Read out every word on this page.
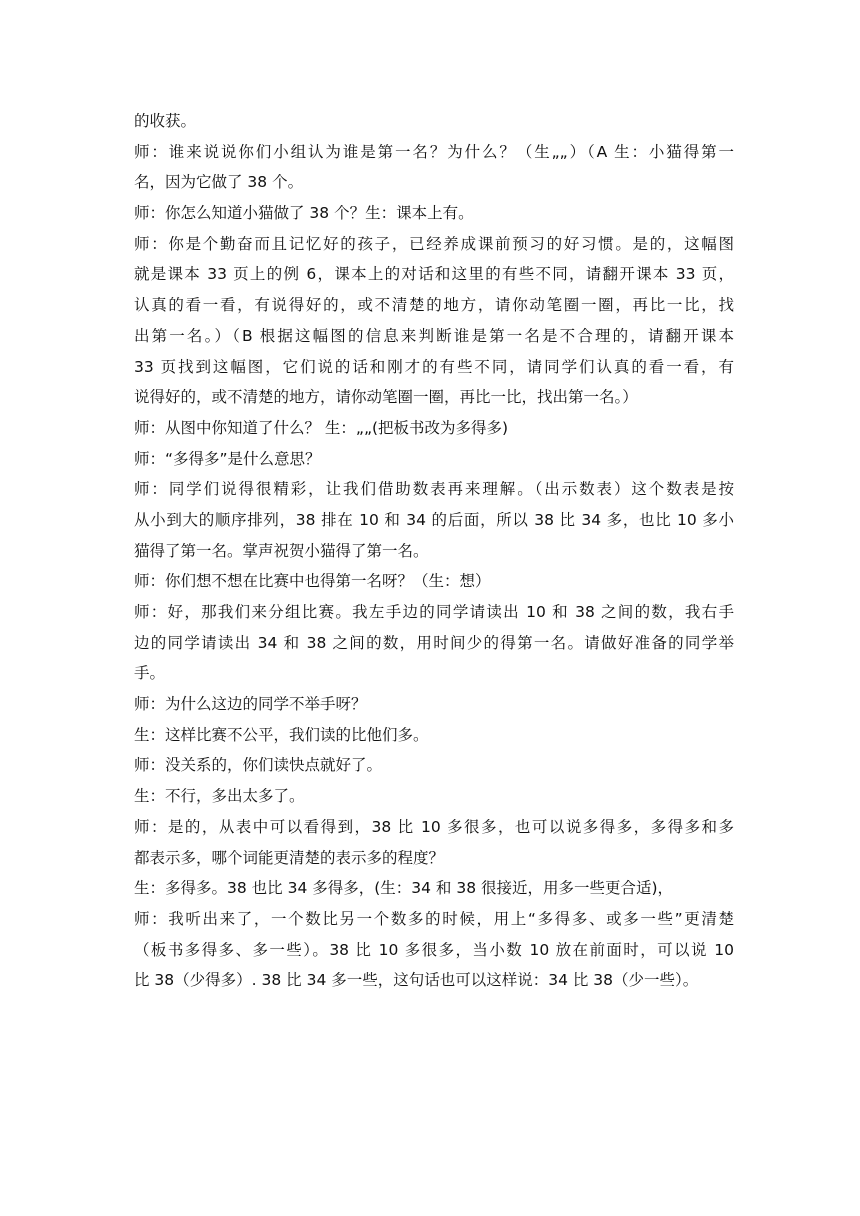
的收获。
师：谁来说说你们小组认为谁是第一名？为什么？（生„„）（A 生：小猫得第一
名，因为它做了 38 个。
师：你怎么知道小猫做了 38 个？生：课本上有。
师：你是个勤奋而且记忆好的孩子，已经养成课前预习的好习惯。是的，这幅图
就是课本 33 页上的例 6，课本上的对话和这里的有些不同，请翻开课本 33 页，
认真的看一看，有说得好的，或不清楚的地方，请你动笔圈一圈，再比一比，找
出第一名。）（B 根据这幅图的信息来判断谁是第一名是不合理的，请翻开课本
33 页找到这幅图，它们说的话和刚才的有些不同，请同学们认真的看一看，有
说得好的，或不清楚的地方，请你动笔圈一圈，再比一比，找出第一名。）
师：从图中你知道了什么？ 生：„„(把板书改为多得多)
师：“多得多”是什么意思？
师：同学们说得很精彩，让我们借助数表再来理解。（出示数表）这个数表是按
从小到大的顺序排列，38 排在 10 和 34 的后面，所以 38 比 34 多，也比 10 多小
猫得了第一名。掌声祝贺小猫得了第一名。
师：你们想不想在比赛中也得第一名呀？（生：想）
师：好，那我们来分组比赛。我左手边的同学请读出 10 和 38 之间的数，我右手
边的同学请读出 34 和 38 之间的数，用时间少的得第一名。请做好准备的同学举
手。
师：为什么这边的同学不举手呀？
生：这样比赛不公平，我们读的比他们多。
师：没关系的，你们读快点就好了。
生：不行，多出太多了。
师：是的，从表中可以看得到，38 比 10 多很多，也可以说多得多，多得多和多
都表示多，哪个词能更清楚的表示多的程度？
生：多得多。38 也比 34 多得多，(生：34 和 38 很接近，用多一些更合适)，
师：我听出来了，一个数比另一个数多的时候，用上“多得多、或多一些”更清楚
（板书多得多、多一些）。38 比 10 多很多，当小数 10 放在前面时，可以说 10
比 38（少得多）. 38 比 34 多一些，这句话也可以这样说：34 比 38（少一些）。
